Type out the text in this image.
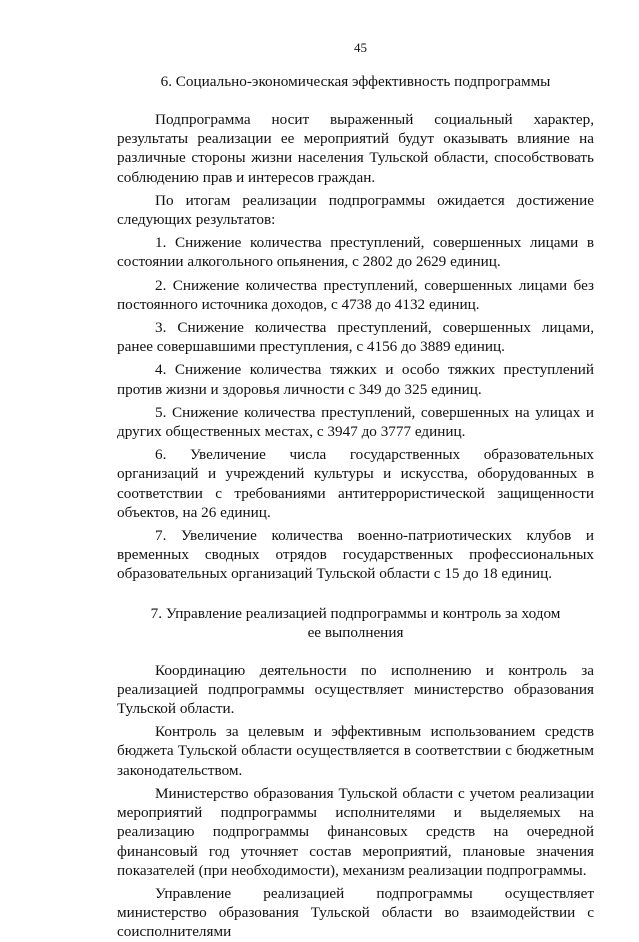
45
6. Социально-экономическая эффективность подпрограммы

Подпрограмма носит выраженный социальный характер, результаты реализации ее мероприятий будут оказывать влияние на различные стороны жизни населения Тульской области, способствовать соблюдению прав и интересов граждан.

По итогам реализации подпрограммы ожидается достижение следующих результатов:

1. Снижение количества преступлений, совершенных лицами в состоянии алкогольного опьянения, с 2802 до 2629 единиц.

2. Снижение количества преступлений, совершенных лицами без постоянного источника доходов, с 4738 до 4132 единиц.

3. Снижение количества преступлений, совершенных лицами, ранее совершавшими преступления, с 4156 до 3889 единиц.

4. Снижение количества тяжких и особо тяжких преступлений против жизни и здоровья личности с 349 до 325 единиц.

5. Снижение количества преступлений, совершенных на улицах и других общественных местах, с 3947 до 3777 единиц.

6. Увеличение числа государственных образовательных организаций и учреждений культуры и искусства, оборудованных в соответствии с требованиями антитеррористической защищенности объектов, на 26 единиц.

7. Увеличение количества военно-патриотических клубов и временных сводных отрядов государственных профессиональных образовательных организаций Тульской области с 15 до 18 единиц.

7. Управление реализацией подпрограммы и контроль за ходом
ее выполнения

Координацию деятельности по исполнению и контроль за реализацией подпрограммы осуществляет министерство образования Тульской области.

Контроль за целевым и эффективным использованием средств бюджета Тульской области осуществляется в соответствии с бюджетным законодательством.

Министерство образования Тульской области с учетом реализации мероприятий подпрограммы исполнителями и выделяемых на реализацию подпрограммы финансовых средств на очередной финансовый год уточняет состав мероприятий, плановые значения показателей (при необходимости), механизм реализации подпрограммы.

Управление реализацией подпрограммы осуществляет министерство образования Тульской области во взаимодействии с соисполнителями
